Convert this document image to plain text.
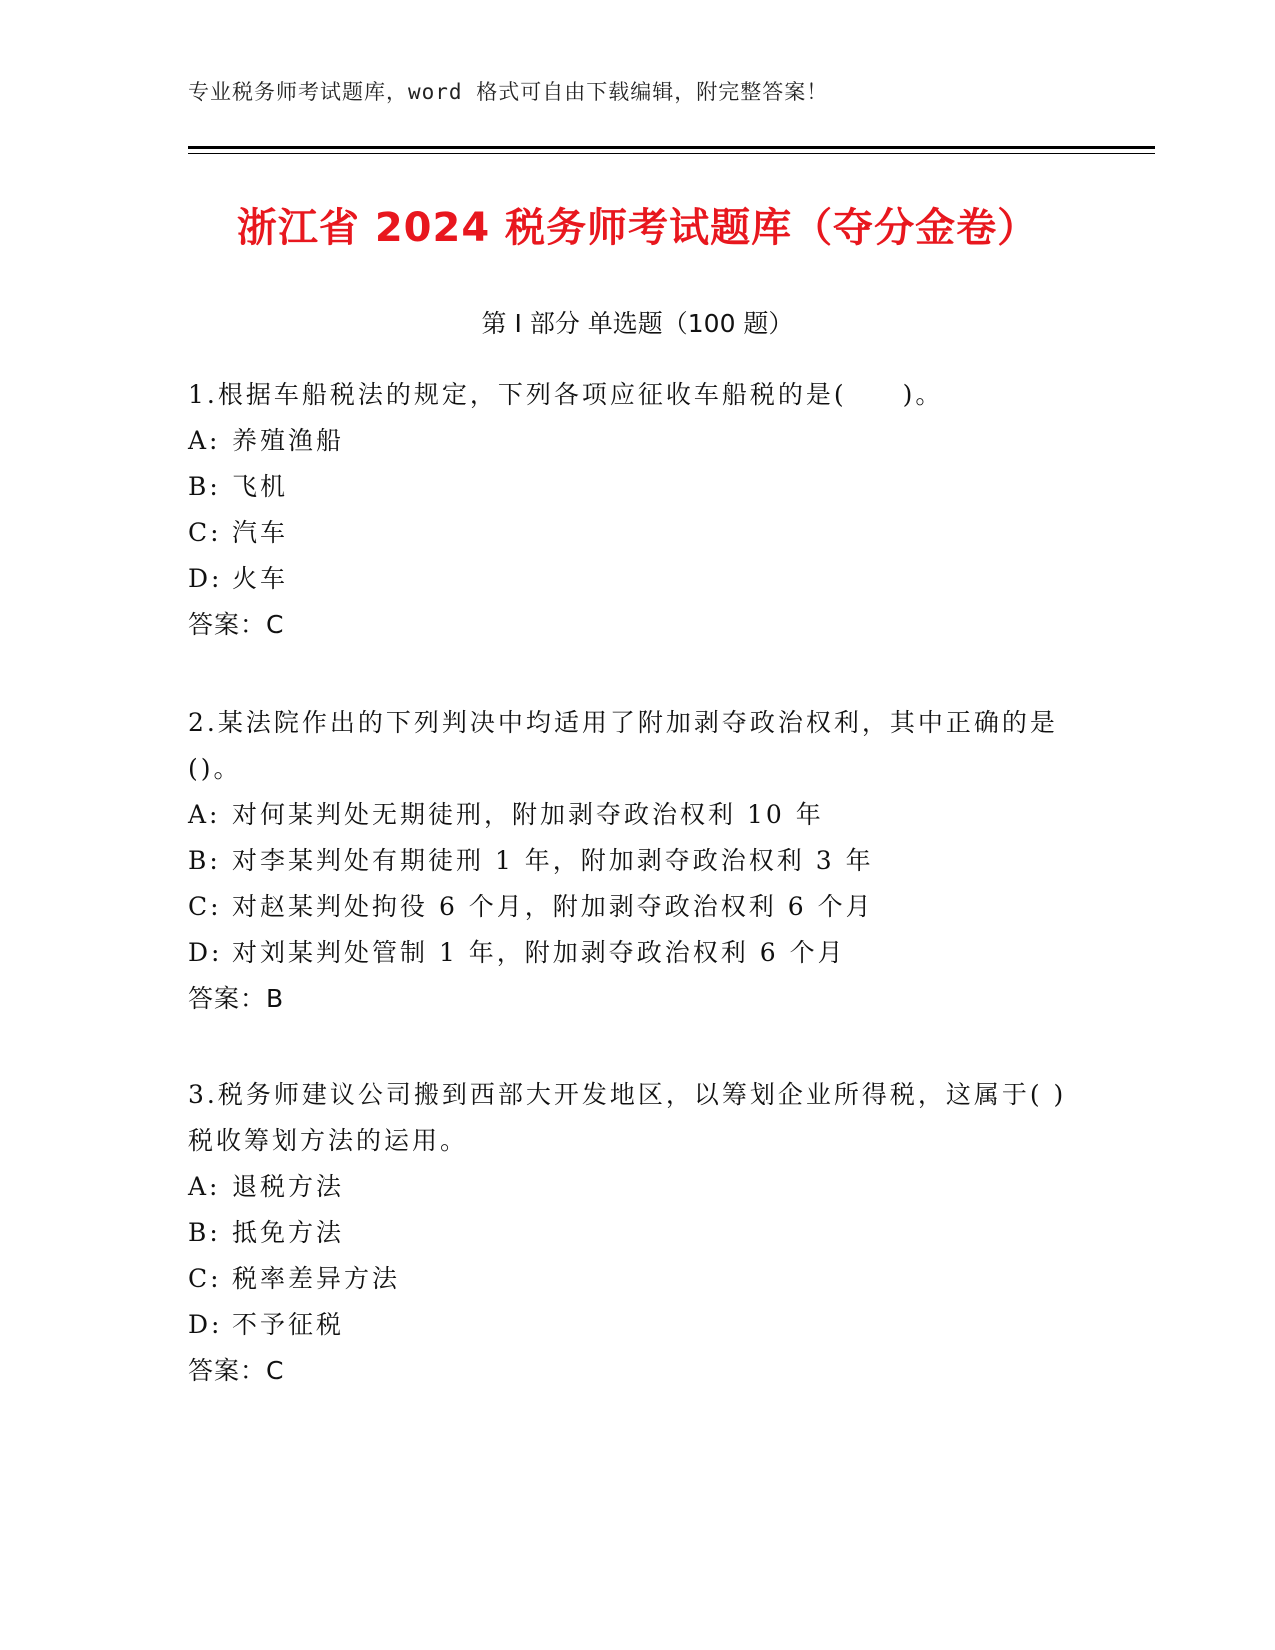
专业税务师考试题库，word 格式可自由下载编辑，附完整答案！
浙江省 2024 税务师考试题库（夺分金卷）
第 I 部分 单选题（100 题）
1.根据车船税法的规定，下列各项应征收车船税的是(　　)。
A: 养殖渔船
B: 飞机
C: 汽车
D: 火车
答案：C
2.某法院作出的下列判决中均适用了附加剥夺政治权利，其中正确的是()。
A: 对何某判处无期徒刑，附加剥夺政治权利 10 年
B: 对李某判处有期徒刑 1 年，附加剥夺政治权利 3 年
C: 对赵某判处拘役 6 个月，附加剥夺政治权利 6 个月
D: 对刘某判处管制 1 年，附加剥夺政治权利 6 个月
答案：B
3.税务师建议公司搬到西部大开发地区，以筹划企业所得税，这属于( )税收筹划方法的运用。
A: 退税方法
B: 抵免方法
C: 税率差异方法
D: 不予征税
答案：C
